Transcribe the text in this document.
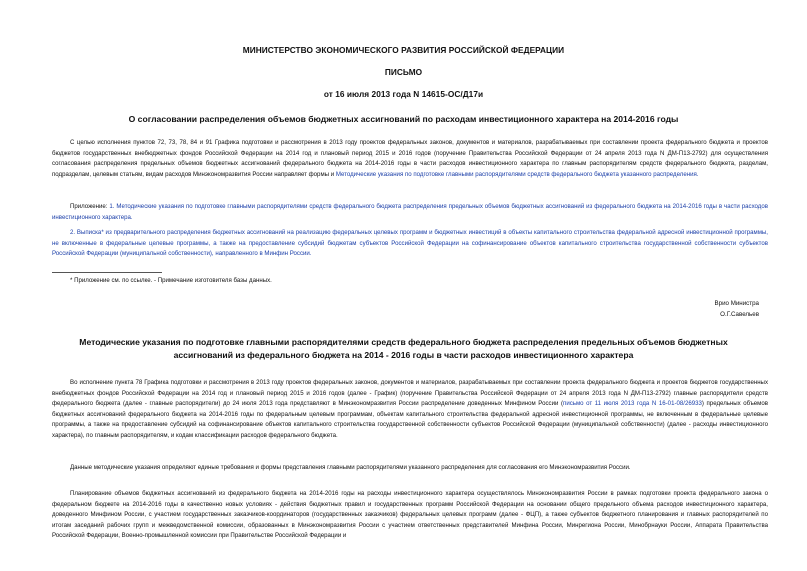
МИНИСТЕРСТВО ЭКОНОМИЧЕСКОГО РАЗВИТИЯ РОССИЙСКОЙ ФЕДЕРАЦИИ
ПИСЬМО
от 16 июля 2013 года N 14615-ОС/Д17и
О согласовании распределения объемов бюджетных ассигнований по расходам инвестиционного характера на 2014-2016 годы

С целью исполнения пунктов 72, 73, 78, 84 и 91 Графика подготовки и рассмотрения в 2013 году проектов федеральных законов, документов и материалов, разрабатываемых при составлении проекта федерального бюджета и проектов бюджетов государственных внебюджетных фондов Российской Федерации на 2014 год и плановый период 2015 и 2016 годов (поручение Правительства Российской Федерации от 24 апреля 2013 года N ДМ-П13-2792) для осуществления согласования распределения предельных объемов бюджетных ассигнований федерального бюджета на 2014-2016 годы в части расходов инвестиционного характера по главным распорядителям средств федерального бюджета, разделам, подразделам, целевым статьям, видам расходов Минэкономразвития России направляет формы и Методические указания по подготовке главными распорядителями средств федерального бюджета указанного распределения.

Приложение: 1. Методические указания по подготовке главными распорядителями средств федерального бюджета распределения предельных объемов бюджетных ассигнований из федерального бюджета на 2014-2016 годы в части расходов инвестиционного характера.

2. Выписка* из предварительного распределения бюджетных ассигнований на реализацию федеральных целевых программ и бюджетных инвестиций в объекты капитального строительства федеральной адресной инвестиционной программы, не включенные в федеральные целевые программы, а также на предоставление субсидий бюджетам субъектов Российской Федерации на софинансирование объектов капитального строительства государственной собственности субъектов Российской Федерации (муниципальной собственности), направленного в Минфин России.

* Приложение см. по ссылке. - Примечание изготовителя базы данных.
Врио Министра
О.Г.Савельев
Методические указания по подготовке главными распорядителями средств федерального бюджета распределения предельных объемов бюджетных ассигнований из федерального бюджета на 2014 - 2016 годы в части расходов инвестиционного характера

Во исполнение пункта 78 Графика подготовки и рассмотрения в 2013 году проектов федеральных законов, документов и материалов, разрабатываемых при составлении проекта федерального бюджета и проектов бюджетов государственных внебюджетных фондов Российской Федерации на 2014 год и плановый период 2015 и 2016 годов (далее - График) (поручение Правительства Российской Федерации от 24 апреля 2013 года N ДМ-П13-2792) главные распорядители средств федерального бюджета (далее - главные распорядители) до 24 июля 2013 года представляют в Минэкономразвития России распределение доведенных Минфином России (письмо от 11 июля 2013 года N 16-01-08/26933) предельных объемов бюджетных ассигнований федерального бюджета на 2014-2016 годы по федеральным целевым программам, объектам капитального строительства федеральной адресной инвестиционной программы, не включенным в федеральные целевые программы, а также на предоставление субсидий на софинансирование объектов капитального строительства государственной собственности субъектов Российской Федерации (муниципальной собственности) (далее - расходы инвестиционного характера), по главным распорядителям, и кодам классификации расходов федерального бюджета.

Данные методические указания определяют единые требования и формы представления главными распорядителями указанного распределения для согласования его Минэкономразвития России.

Планирование объемов бюджетных ассигнований из федерального бюджета на 2014-2016 годы на расходы инвестиционного характера осуществлялось Минэкономразвития России в рамках подготовки проекта федерального закона о федеральном бюджете на 2014-2016 годы в качественно новых условиях - действия бюджетных правил и государственных программ Российской Федерации на основании общего предельного объема расходов инвестиционного характера, доведенного Минфином России, с участием государственных заказчиков-координаторов (государственных заказчиков) федеральных целевых программ (далее - ФЦП), а также субъектов бюджетного планирования и главных распорядителей по итогам заседаний рабочих групп и межведомственной комиссии, образованных в Минэкономразвития России с участием ответственных представителей Минфина России, Минрегиона России, Минобрнауки России, Аппарата Правительства Российской Федерации, Военно-промышленной комиссии при Правительстве Российской Федерации и
